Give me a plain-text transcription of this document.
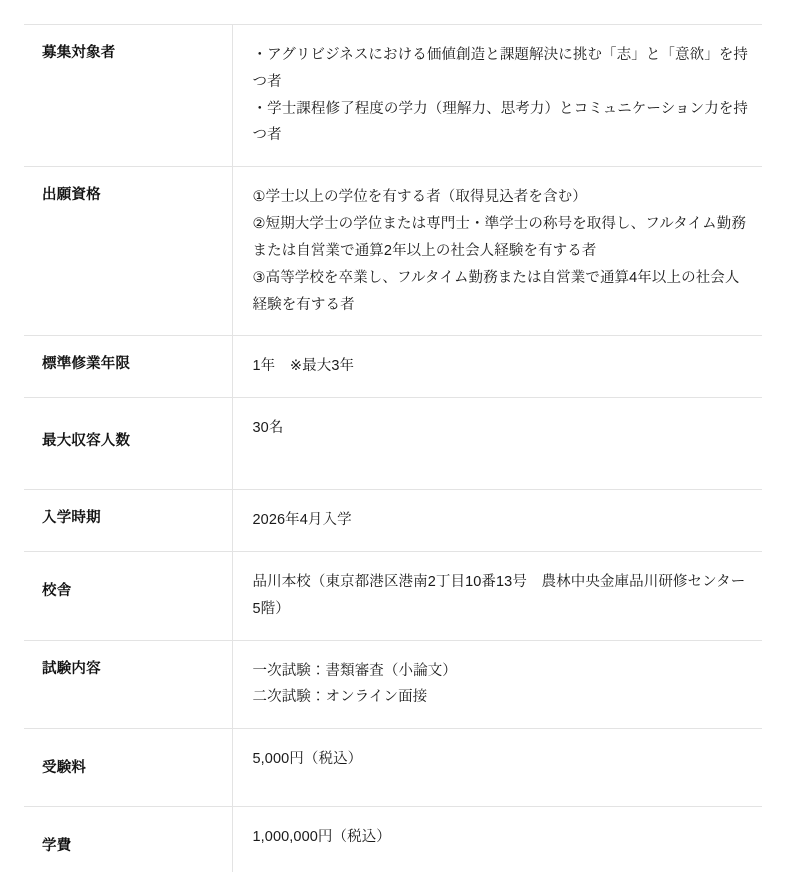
募集対象者	・アグリビジネスにおける価値創造と課題解決に挑む「志」と「意欲」を持つ者
・学士課程修了程度の学力（理解力、思考力）とコミュニケーション力を持つ者

出願資格	①学士以上の学位を有する者（取得見込者を含む）
②短期大学士の学位または専門士・準学士の称号を取得し、フルタイム勤務または自営業で通算2年以上の社会人経験を有する者
③高等学校を卒業し、フルタイム勤務または自営業で通算4年以上の社会人経験を有する者

標準修業年限	1年　※最大3年

最大収容人数	30名

入学時期	2026年4月入学

校舎	品川本校（東京都港区港南2丁目10番13号　農林中央金庫品川研修センター5階）

試験内容	一次試験：書類審査（小論文）
二次試験：オンライン面接

受験料	5,000円（税込）

学費	1,000,000円（税込）
